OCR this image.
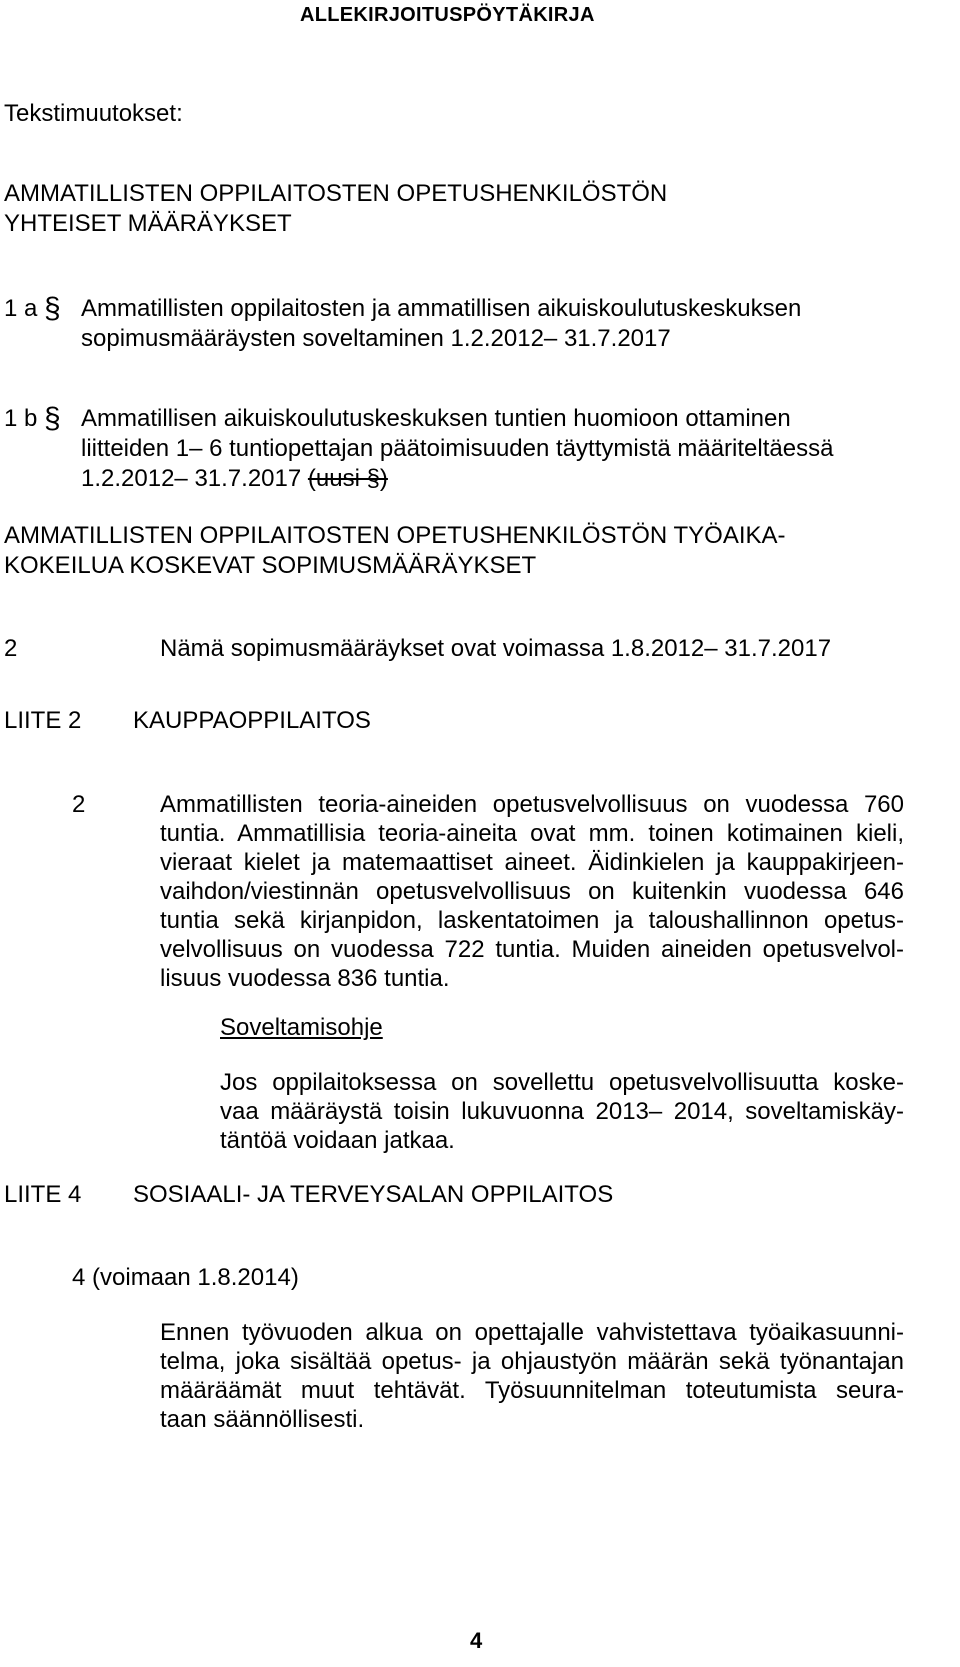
ALLEKIRJOITUSPÖYTÄKIRJA
Tekstimuutokset:
AMMATILLISTEN OPPILAITOSTEN OPETUSHENKILÖSTÖN
YHTEISET MÄÄRÄYKSET
1 a § Ammatillisten oppilaitosten ja ammatillisen aikuiskoulutuskeskuksen
sopimusmääräysten soveltaminen 1.2.2012– 31.7.2017
1 b § Ammatillisen aikuiskoulutuskeskuksen tuntien huomioon ottaminen
liitteiden 1– 6 tuntiopettajan päätoimisuuden täyttymistä määriteltäessä
1.2.2012– 31.7.2017 (uusi §)
AMMATILLISTEN OPPILAITOSTEN OPETUSHENKILÖSTÖN TYÖAIKA-
KOKEILUA KOSKEVAT SOPIMUSMÄÄRÄYKSET
2	Nämä sopimusmääräykset ovat voimassa 1.8.2012– 31.7.2017
LIITE 2 KAUPPAOPPILAITOS
2	Ammatillisten teoria-aineiden opetusvelvollisuus on vuodessa 760
tuntia. Ammatillisia teoria-aineita ovat mm. toinen kotimainen kieli,
vieraat kielet ja matemaattiset aineet. Äidinkielen ja kauppakirjeen-
vaihdon/viestinnän opetusvelvollisuus on kuitenkin vuodessa 646
tuntia sekä kirjanpidon, laskentatoimen ja taloushallinnon opetus-
velvollisuus on vuodessa 722 tuntia. Muiden aineiden opetusvelvol-
lisuus vuodessa 836 tuntia.
Soveltamisohje
Jos oppilaitoksessa on sovellettu opetusvelvollisuutta koske-
vaa määräystä toisin lukuvuonna 2013– 2014, soveltamiskäy-
täntöä voidaan jatkaa.
LIITE 4 SOSIAALI- JA TERVEYSALAN OPPILAITOS
4 (voimaan 1.8.2014)
Ennen työvuoden alkua on opettajalle vahvistettava työaikasuunni-
telma, joka sisältää opetus- ja ohjaustyön määrän sekä työnantajan
määräämät muut tehtävät. Työsuunnitelman toteutumista seura-
taan säännöllisesti.
4
